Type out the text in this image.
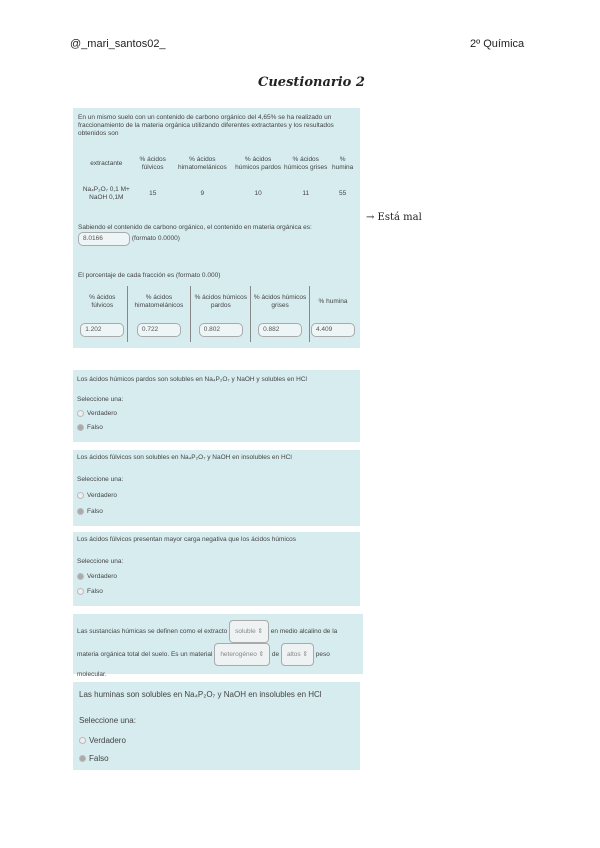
@_mari_santos02_	2º Química
Cuestionario 2
En un mismo suelo con un contenido de carbono orgánico del 4,65% se ha realizado un fraccionamiento de la materia orgánica utilizando diferentes extractantes y los resultados obtenidos son
extractante	% ácidos fúlvicos	% ácidos himatomelánicos	% ácidos húmicos pardos	% ácidos húmicos grises	% humina
Na₄P₂O₇ 0,1 M+ NaOH 0,1M	15	9	10	11	55
Sabiendo el contenido de carbono orgánico, el contenido en materia orgánica es: 8.0166	(formato 0.0000)
El porcentaje de cada fracción es (formato 0.000)
% ácidos fúlvicos	% ácidos himatomelánicos	% ácidos húmicos pardos	% ácidos húmicos grises	% humina
1.202	0.722	0.802	0.882	4.409
→ Está mal
Los ácidos húmicos pardos son solubles en Na₄P₂O₇ y NaOH y solubles en HCl
Seleccione una:
Verdadero
Falso
Los ácidos fúlvicos son solubles en Na₄P₂O₇ y NaOH en insolubles en HCl
Seleccione una:
Verdadero
Falso
Los ácidos fúlvicos presentan mayor carga negativa que los ácidos húmicos
Seleccione una:
Verdadero
Falso
Las sustancias húmicas se definen como el extracto soluble ⇕ en medio alcalino de la materia orgánica total del suelo. Es un material heterogéneo ⇕ de altos ⇕ peso molecular.
Las huminas son solubles en Na₄P₂O₇ y NaOH en insolubles en HCl
Seleccione una:
Verdadero
Falso
